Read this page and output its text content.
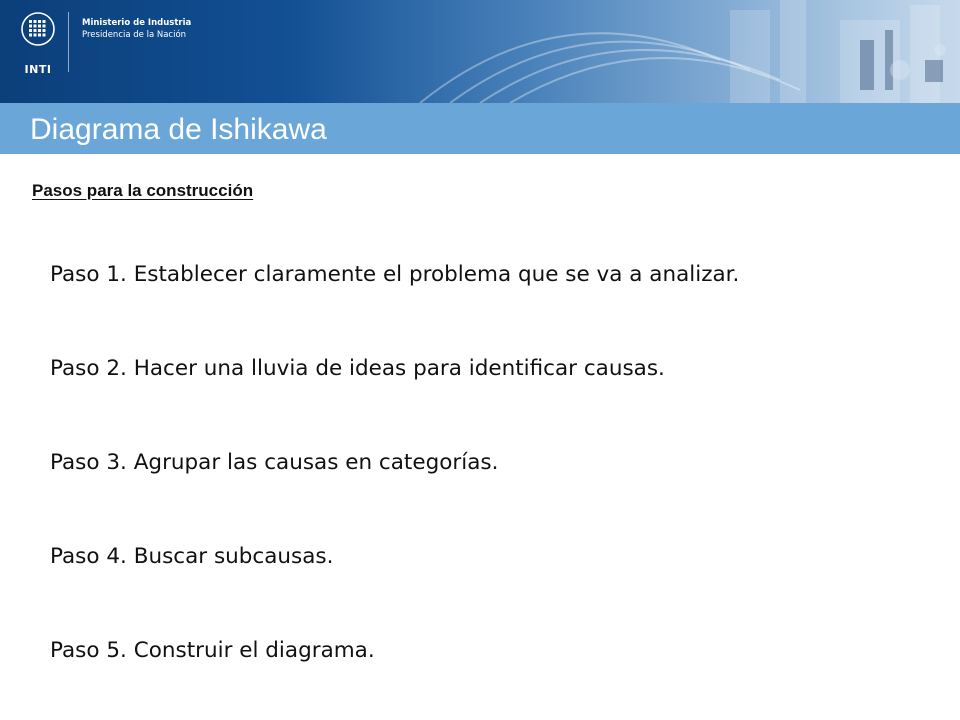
INTI
Ministerio de Industria
Presidencia de la Nación
Diagrama de Ishikawa
Pasos para la construcción
Paso 1. Establecer claramente el problema que se va a analizar.
Paso 2. Hacer una lluvia de ideas para identificar causas.
Paso 3. Agrupar las causas en categorías.
Paso 4. Buscar subcausas.
Paso 5. Construir el diagrama.
